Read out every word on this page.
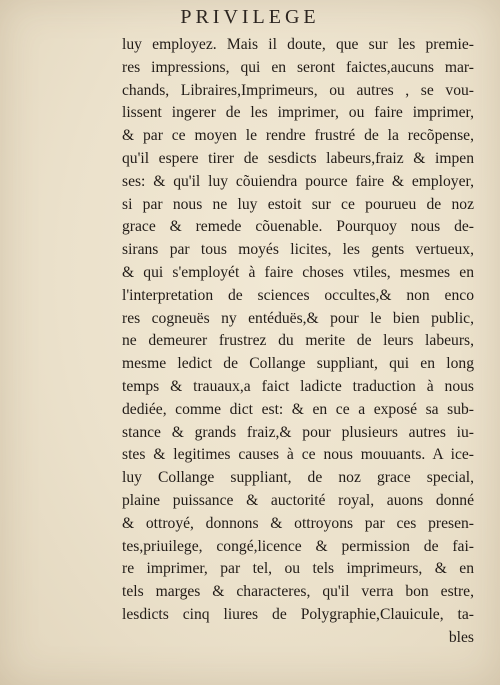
PRIVILEGE
luy employez. Mais il doute, que sur les premie-
res impressions, qui en seront faictes,aucuns mar-
chands, Libraires,Imprimeurs, ou autres , se vou-
lissent ingerer de les imprimer, ou faire imprimer,
& par ce moyen le rendre frustré de la recõpense,
qu'il espere tirer de sesdicts labeurs,fraiz & impen
ses: & qu'il luy cõuiendra pource faire & employer,
si par nous ne luy estoit sur ce pourueu de noz
grace & remede cõuenable. Pourquoy nous de-
sirans par tous moyés licites, les gents vertueux,
& qui s'employét à faire choses vtiles, mesmes en
l'interpretation de sciences occultes,& non enco
res cogneuës ny entéduës,& pour le bien public,
ne demeurer frustrez du merite de leurs labeurs,
mesme ledict de Collange suppliant, qui en long
temps & trauaux,a faict ladicte traduction à nous
dediée, comme dict est: & en ce a exposé sa sub-
stance & grands fraiz,& pour plusieurs autres iu-
stes & legitimes causes à ce nous mouuants. A ice-
luy Collange suppliant, de noz grace special,
plaine puissance & auctorité royal, auons donné
& ottroyé, donnons & ottroyons par ces presen-
tes,priuilege, congé,licence & permission de fai-
re imprimer, par tel, ou tels imprimeurs, & en
tels marges & characteres, qu'il verra bon estre,
lesdicts cinq liures de Polygraphie,Clauicule, ta-
bles
